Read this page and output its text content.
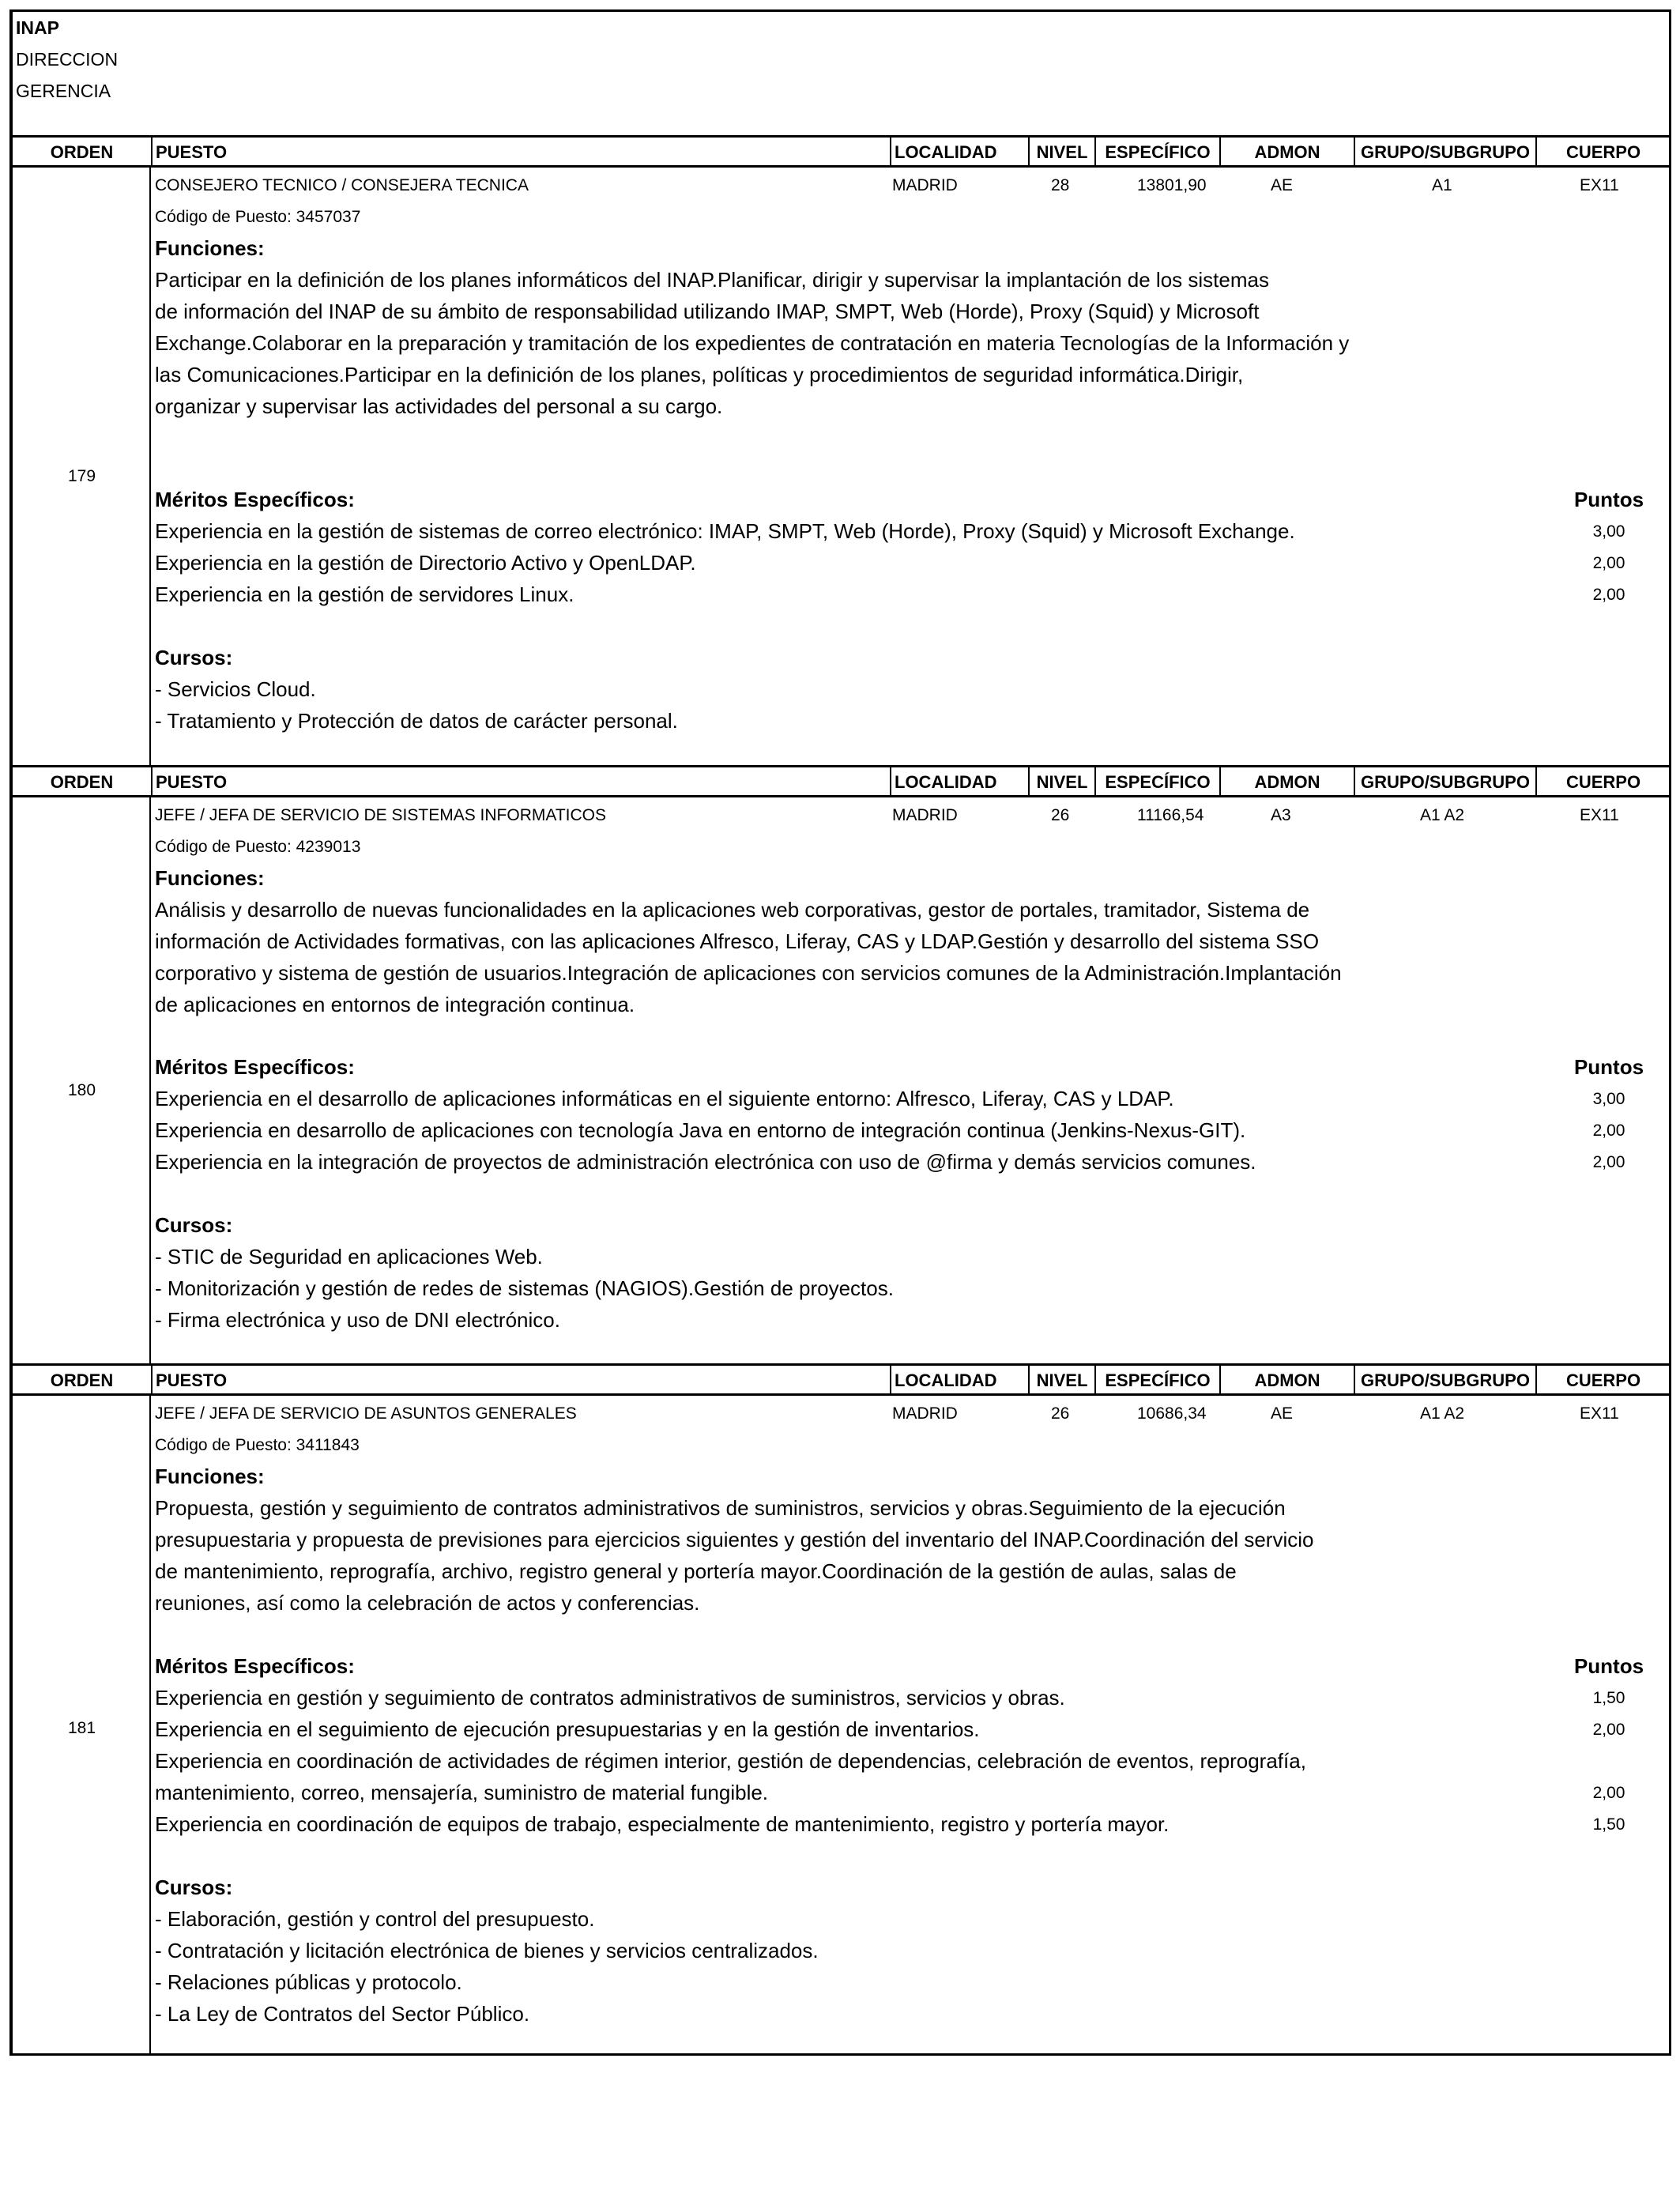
INAP
DIRECCION
GERENCIA
ORDEN	PUESTO	LOCALIDAD	NIVEL ESPECÍFICO	ADMON	GRUPO/SUBGRUPO	CUERPO
179
CONSEJERO TECNICO / CONSEJERA TECNICA	MADRID	28	13801,90	AE	A1	EX11
Código de Puesto: 3457037
Funciones:
Participar en la definición de los planes informáticos del INAP.Planificar, dirigir y supervisar la implantación de los sistemas
de información del INAP de su ámbito de responsabilidad utilizando IMAP, SMPT, Web (Horde), Proxy (Squid) y Microsoft
Exchange.Colaborar en la preparación y tramitación de los expedientes de contratación en materia Tecnologías de la Información y
las Comunicaciones.Participar en la definición de los planes, políticas y procedimientos de seguridad informática.Dirigir,
organizar y supervisar las actividades del personal a su cargo.
Méritos Específicos:	Puntos
Experiencia en la gestión de sistemas de correo electrónico: IMAP, SMPT, Web (Horde), Proxy (Squid) y Microsoft Exchange.	3,00
Experiencia en la gestión de Directorio Activo y OpenLDAP.	2,00
Experiencia en la gestión de servidores Linux.	2,00
Cursos:
- Servicios Cloud.
- Tratamiento y Protección de datos de carácter personal.
ORDEN	PUESTO	LOCALIDAD	NIVEL ESPECÍFICO	ADMON	GRUPO/SUBGRUPO	CUERPO
180
JEFE / JEFA DE SERVICIO DE SISTEMAS INFORMATICOS	MADRID	26	11166,54	A3	A1 A2	EX11
Código de Puesto: 4239013
Funciones:
Análisis y desarrollo de nuevas funcionalidades en la aplicaciones web corporativas, gestor de portales, tramitador, Sistema de
información de Actividades formativas, con las aplicaciones Alfresco, Liferay, CAS y LDAP.Gestión y desarrollo del sistema SSO
corporativo y sistema de gestión de usuarios.Integración de aplicaciones con servicios comunes de la Administración.Implantación
de aplicaciones en entornos de integración continua.
Méritos Específicos:	Puntos
Experiencia en el desarrollo de aplicaciones informáticas en el siguiente entorno: Alfresco, Liferay, CAS y LDAP.	3,00
Experiencia en desarrollo de aplicaciones con tecnología Java en entorno de integración continua (Jenkins-Nexus-GIT).	2,00
Experiencia en la integración de proyectos de administración electrónica con uso de @firma y demás servicios comunes.	2,00
Cursos:
- STIC de Seguridad en aplicaciones Web.
- Monitorización y gestión de redes de sistemas (NAGIOS).Gestión de proyectos.
- Firma electrónica y uso de DNI electrónico.
ORDEN	PUESTO	LOCALIDAD	NIVEL ESPECÍFICO	ADMON	GRUPO/SUBGRUPO	CUERPO
181
JEFE / JEFA DE SERVICIO DE ASUNTOS GENERALES	MADRID	26	10686,34	AE	A1 A2	EX11
Código de Puesto: 3411843
Funciones:
Propuesta, gestión y seguimiento de contratos administrativos de suministros, servicios y obras.Seguimiento de la ejecución
presupuestaria y propuesta de previsiones para ejercicios siguientes y gestión del inventario del INAP.Coordinación del servicio
de mantenimiento, reprografía, archivo, registro general y portería mayor.Coordinación de la gestión de aulas, salas de
reuniones, así como la celebración de actos y conferencias.
Méritos Específicos:	Puntos
Experiencia en gestión y seguimiento de contratos administrativos de suministros, servicios y obras.	1,50
Experiencia en el seguimiento de ejecución presupuestarias y en la gestión de inventarios.	2,00
Experiencia en coordinación de actividades de régimen interior, gestión de dependencias, celebración de eventos, reprografía,
mantenimiento, correo, mensajería, suministro de material fungible.	2,00
Experiencia en coordinación de equipos de trabajo, especialmente de mantenimiento, registro y portería mayor.	1,50
Cursos:
- Elaboración, gestión y control del presupuesto.
- Contratación y licitación electrónica de bienes y servicios centralizados.
- Relaciones públicas y protocolo.
- La Ley de Contratos del Sector Público.
